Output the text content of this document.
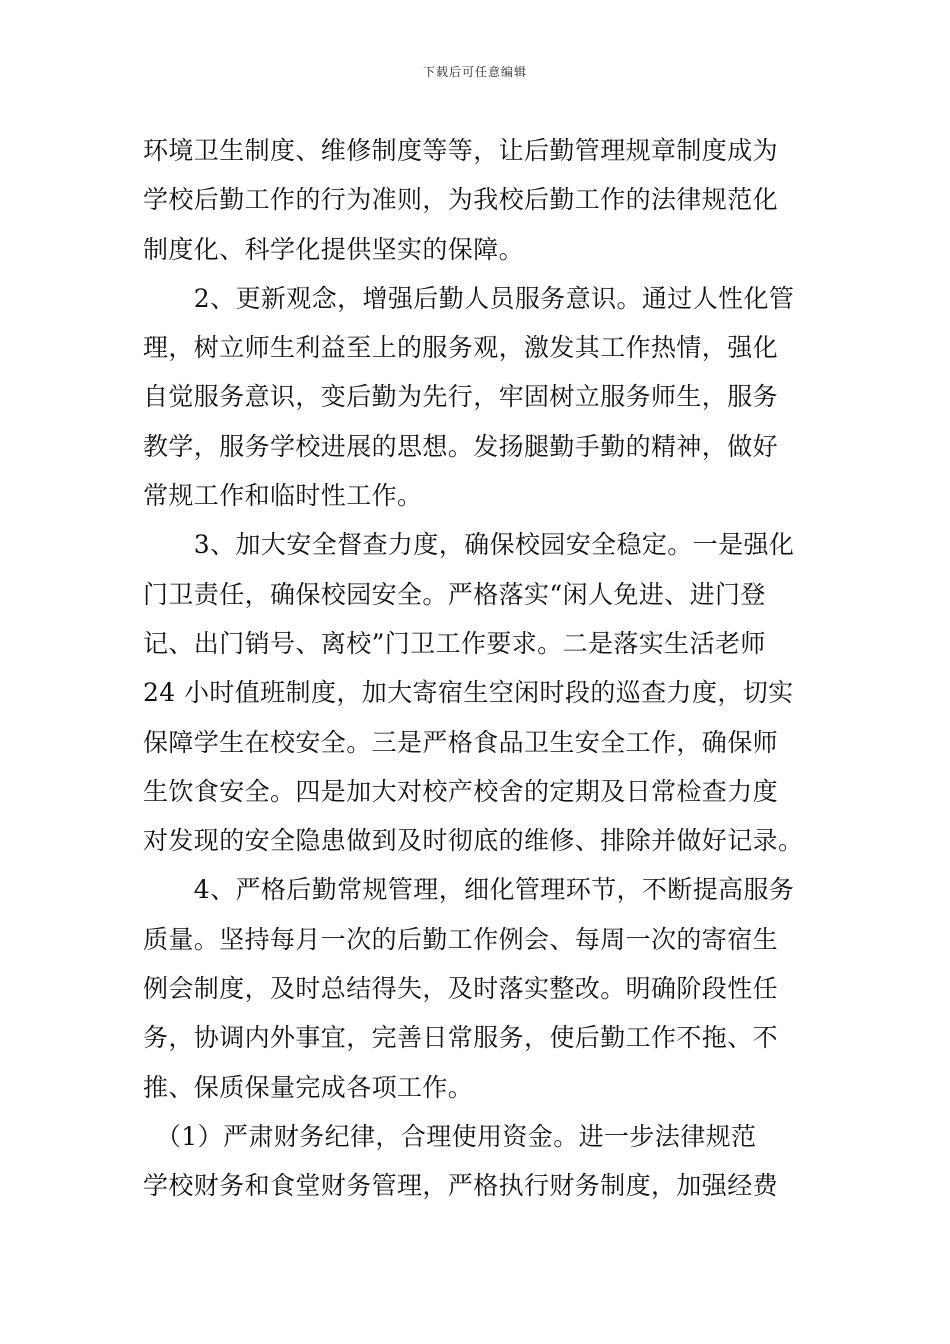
下载后可任意编辑
环境卫生制度、维修制度等等，让后勤管理规章制度成为
学校后勤工作的行为准则，为我校后勤工作的法律规范化
制度化、科学化提供坚实的保障。
　　2、更新观念，增强后勤人员服务意识。通过人性化管
理，树立师生利益至上的服务观，激发其工作热情，强化
自觉服务意识，变后勤为先行，牢固树立服务师生，服务
教学，服务学校进展的思想。发扬腿勤手勤的精神，做好
常规工作和临时性工作。
　　3、加大安全督查力度，确保校园安全稳定。一是强化
门卫责任，确保校园安全。严格落实“闲人免进、进门登
记、出门销号、离校”门卫工作要求。二是落实生活老师
24 小时值班制度，加大寄宿生空闲时段的巡查力度，切实
保障学生在校安全。三是严格食品卫生安全工作，确保师
生饮食安全。四是加大对校产校舍的定期及日常检查力度
对发现的安全隐患做到及时彻底的维修、排除并做好记录。
　　4、严格后勤常规管理，细化管理环节，不断提高服务
质量。坚持每月一次的后勤工作例会、每周一次的寄宿生
例会制度，及时总结得失，及时落实整改。明确阶段性任
务，协调内外事宜，完善日常服务，使后勤工作不拖、不
推、保质保量完成各项工作。
　（1）严肃财务纪律，合理使用资金。进一步法律规范
学校财务和食堂财务管理，严格执行财务制度，加强经费
